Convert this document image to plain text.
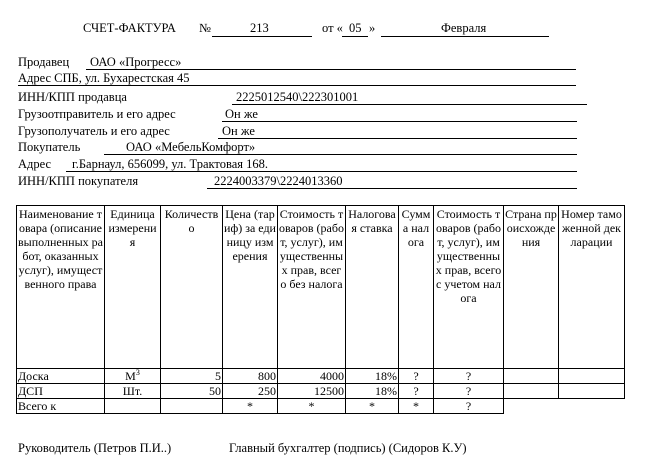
СЧЕТ-ФАКТУРА №	213	от « 05 »	Февраля
Продавец ОАО «Прогресс»
Адрес СПБ, ул. Бухарестская 45
ИНН/КПП продавца	2225012540\222301001
Грузоотправитель и его адрес	Он же
Грузополучатель и его адрес	Он же
Покупатель	ОАО «МебельКомфорт»
Адрес г.Барнаул, 656099, ул. Трактовая 168.
ИНН/КПП покупателя	2224003379\2224013360
Наименование товара (описание выполненных работ, оказанных услуг), имущественного права	Единица измерения	Количество	Цена (тариф) за единицу измерения	Стоимость товаров (работ, услуг), имущественных прав, всего без налога	Налоговая ставка	Сумма налога	Стоимость товаров (работ, услуг), имущественных прав, всего с учетом налога	Страна происхождения	Номер таможенной декларации
Доска	$М^3$	5	800	4000	18%	?	?		
ДСП	Шт.	50	250	12500	18%	?	?		
Всего к			*	*	*	*	?		
Руководитель (Петров П.И..)	Главный бухгалтер (подпись) (Сидоров К.У)
